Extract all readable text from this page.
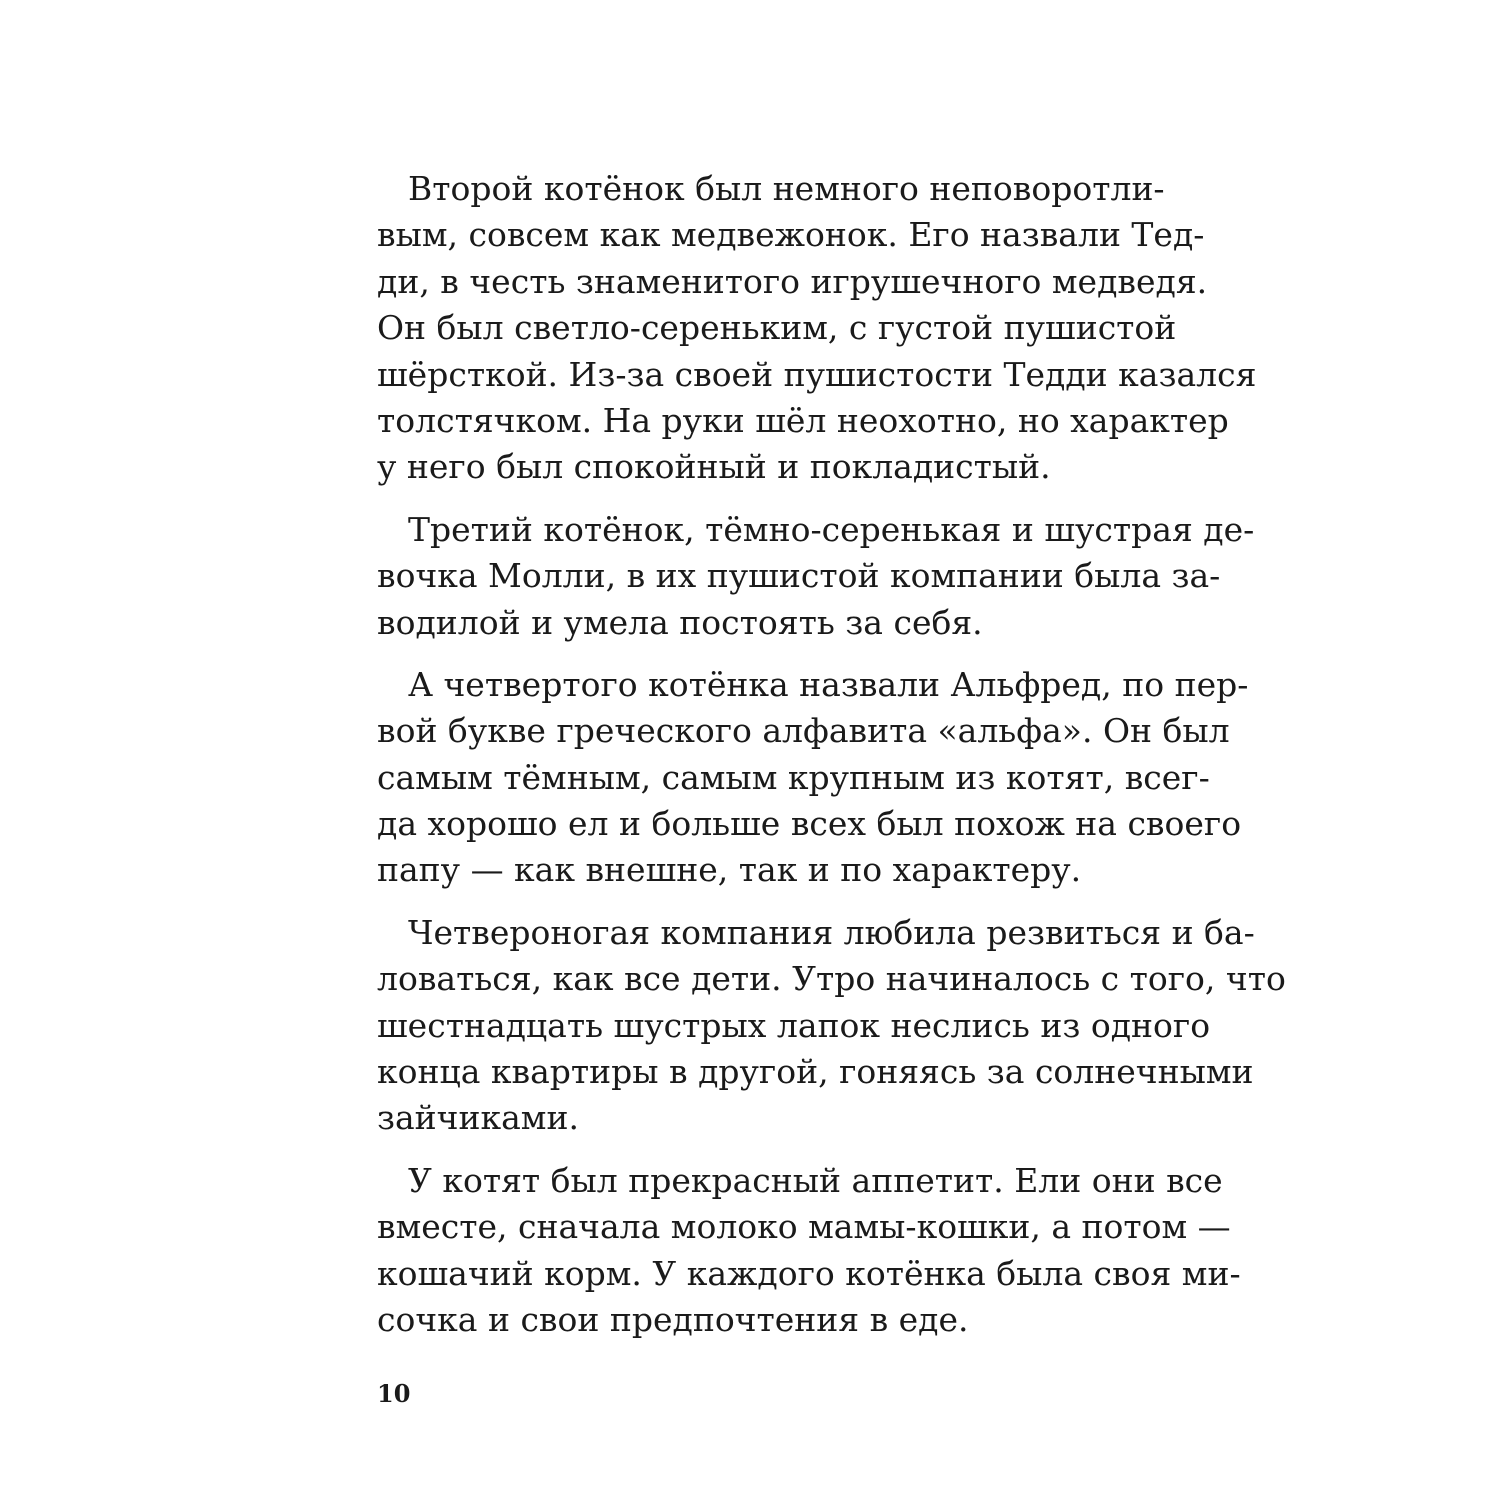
Второй котёнок был немного неповоротли-
вым, совсем как медвежонок. Его назвали Тед-
ди, в честь знаменитого игрушечного медведя.
Он был светло-сереньким, с густой пушистой
шёрсткой. Из-за своей пушистости Тедди казался
толстячком. На руки шёл неохотно, но характер
у него был спокойный и покладистый.
Третий котёнок, тёмно-серенькая и шустрая де-
вочка Молли, в их пушистой компании была за-
водилой и умела постоять за себя.
А четвертого котёнка назвали Альфред, по пер-
вой букве греческого алфавита «альфа». Он был
самым тёмным, самым крупным из котят, всег-
да хорошо ел и больше всех был похож на своего
папу — как внешне, так и по характеру.
Четвероногая компания любила резвиться и ба-
ловаться, как все дети. Утро начиналось с того, что
шестнадцать шустрых лапок неслись из одного
конца квартиры в другой, гоняясь за солнечными
зайчиками.
У котят был прекрасный аппетит. Ели они все
вместе, сначала молоко мамы-кошки, а потом —
кошачий корм. У каждого котёнка была своя ми-
сочка и свои предпочтения в еде.
10
